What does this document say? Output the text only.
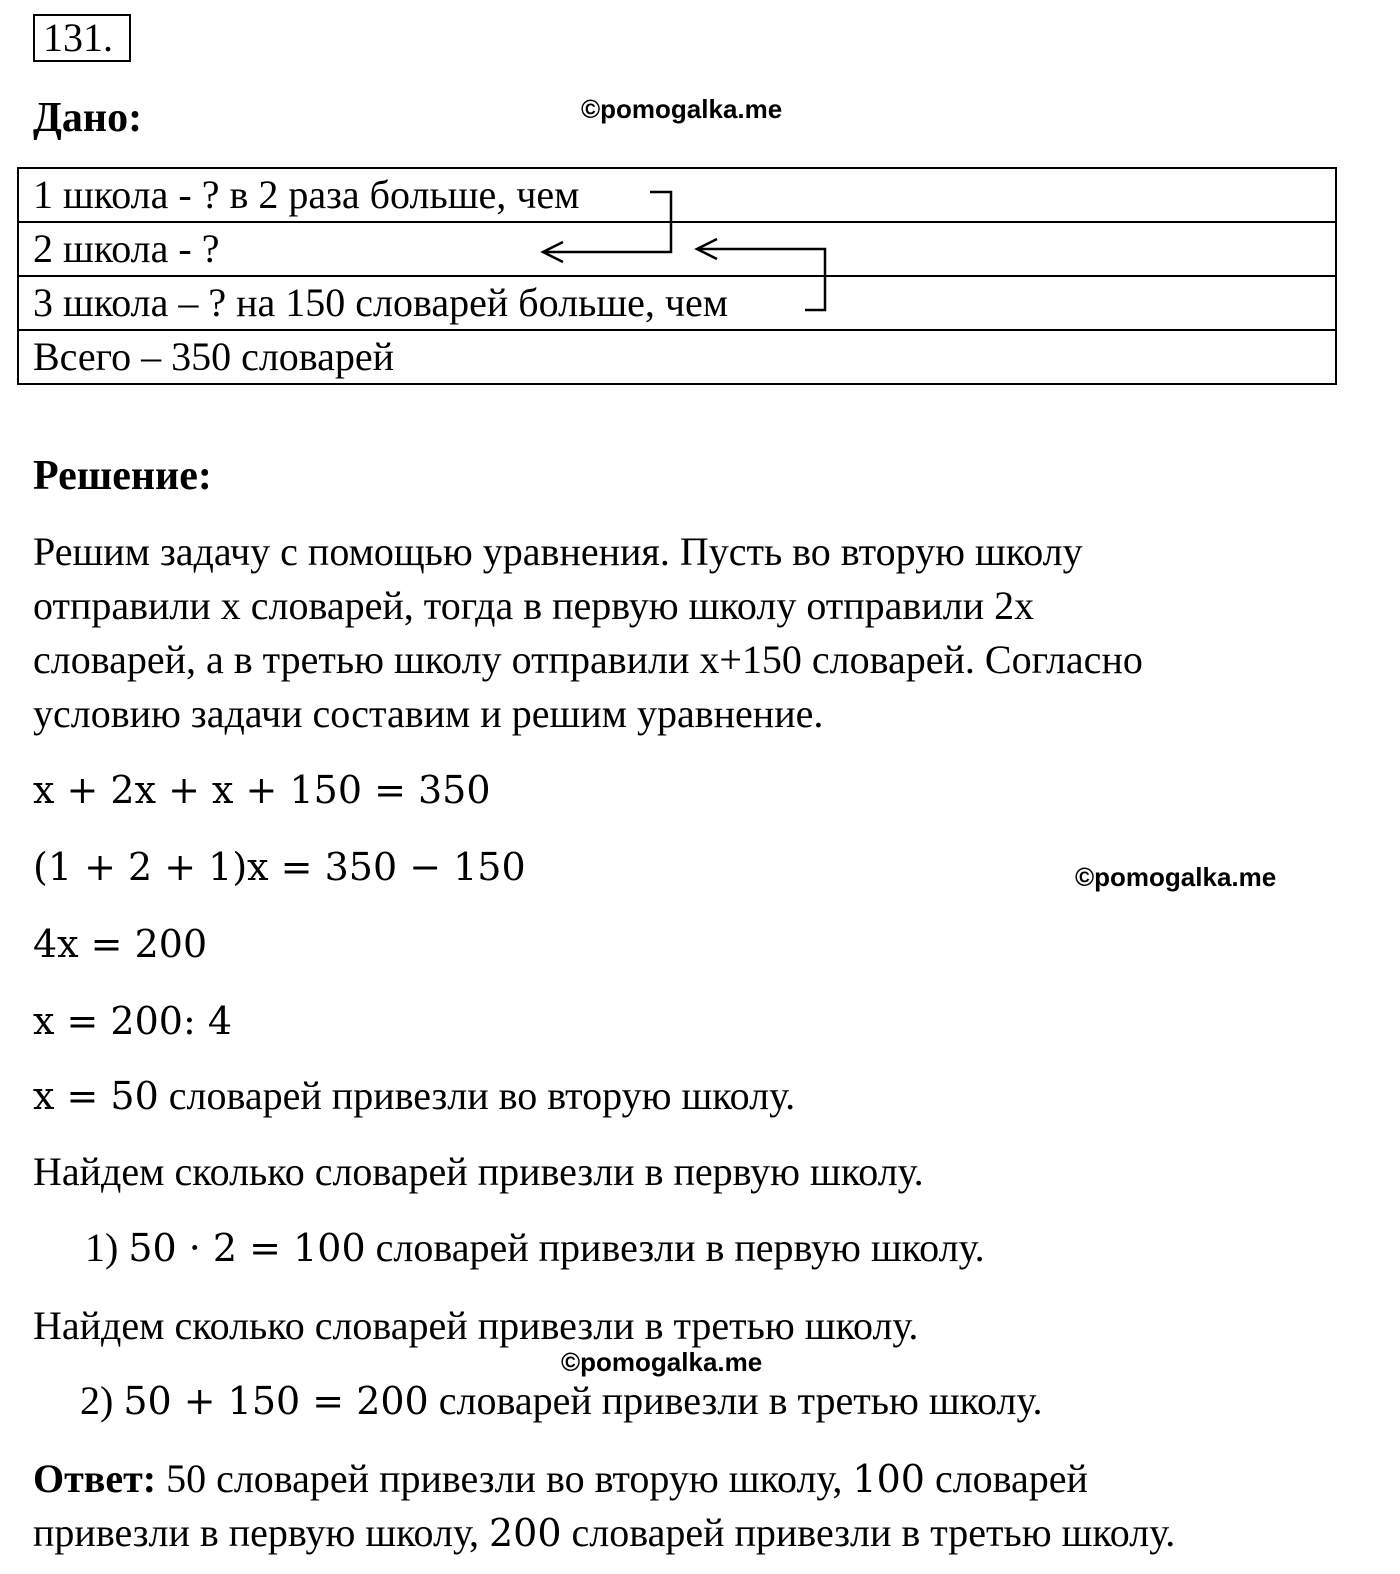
131.
Дано:	©pomogalka.me
1 школа - ? в 2 раза больше, чем
2 школа - ?
3 школа – ? на 150 словарей больше, чем
Всего – 350 словарей
Решение:
Решим задачу с помощью уравнения. Пусть во вторую школу
отправили х словарей, тогда в первую школу отправили 2х
словарей, а в третью школу отправили х+150 словарей. Согласно
условию задачи составим и решим уравнение.
x + 2x + x + 150 = 350
(1 + 2 + 1)x = 350 − 150	©pomogalka.me
4x = 200
x = 200: 4
x = 50 словарей привезли во вторую школу.
Найдем сколько словарей привезли в первую школу.
1) 50 · 2 = 100 словарей привезли в первую школу.
Найдем сколько словарей привезли в третью школу.
©pomogalka.me
2) 50 + 150 = 200 словарей привезли в третью школу.
Ответ: 50 словарей привезли во вторую школу, 100 словарей
привезли в первую школу, 200 словарей привезли в третью школу.
